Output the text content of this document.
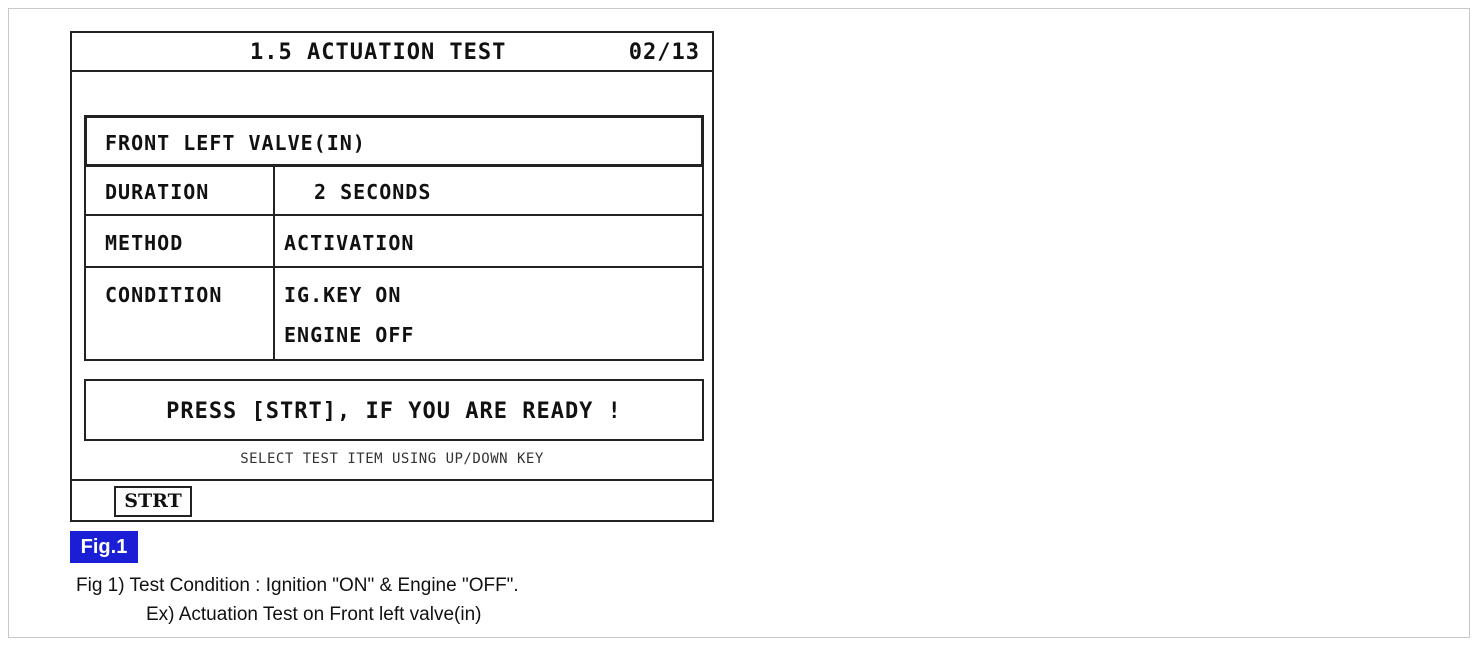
1.5 ACTUATION TEST	02/13
FRONT LEFT VALVE(IN)
DURATION	2 SECONDS
METHOD	ACTIVATION
CONDITION	IG.KEY ON
ENGINE OFF
PRESS [STRT], IF YOU ARE READY !
SELECT TEST ITEM USING UP/DOWN KEY
STRT
Fig.1
Fig 1) Test Condition : Ignition "ON" & Engine "OFF".
Ex) Actuation Test on Front left valve(in)
